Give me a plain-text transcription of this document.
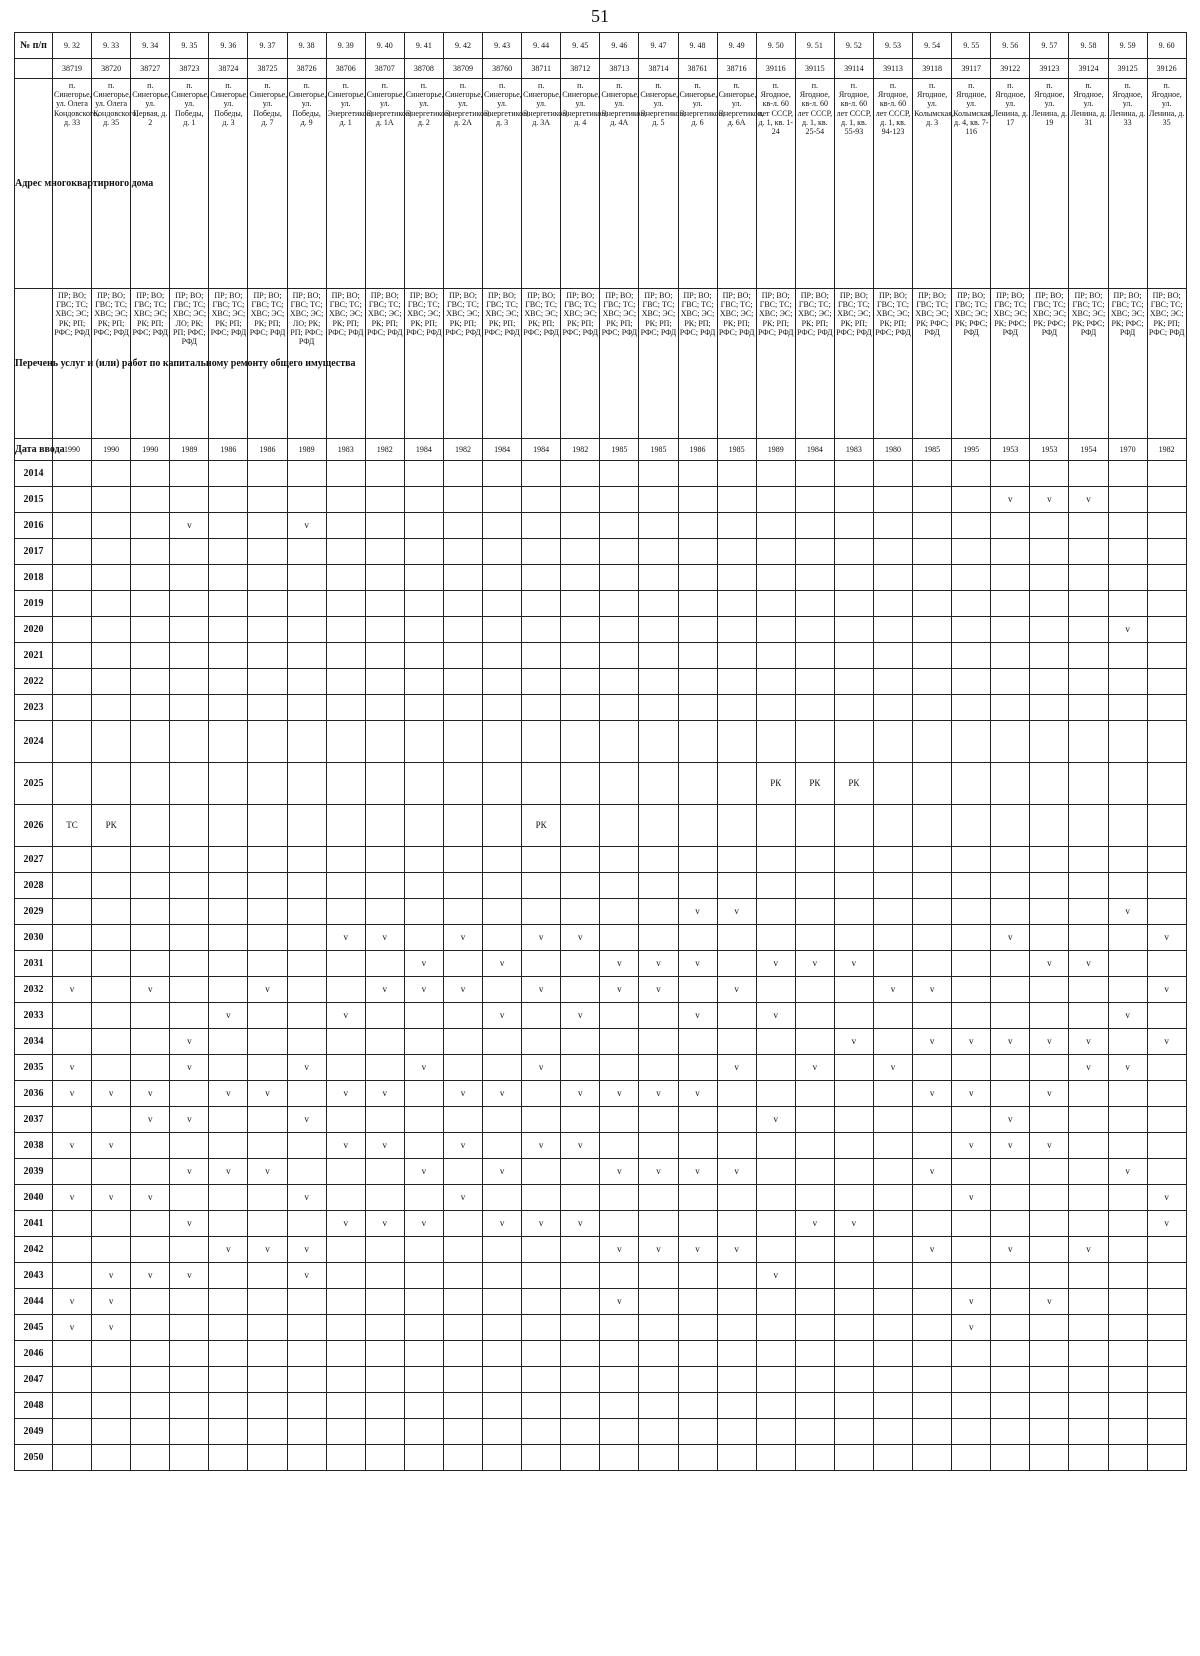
51
№ п/п	9. 32	9. 33	9. 34	9. 35	9. 36	9. 37	9. 38	9. 39	9. 40	9. 41	9. 42	9. 43	9. 44	9. 45	9. 46	9. 47	9. 48	9. 49	9. 50	9. 51	9. 52	9. 53	9. 54	9. 55	9. 56	9. 57	9. 58	9. 59	9. 60
	38719	38720	38727	38723	38724	38725	38726	38706	38707	38708	38709	38760	38711	38712	38713	38714	38761	38716	39116	39115	39114	39113	39118	39117	39122	39123	39124	39125	39126
Адрес многоквартирного дома	п. Синегорье, ул. Олега Кондовского, д. 33	п. Синегорье, ул. Олега Кондовского, д. 35	п. Синегорье, ул. Первая, д. 2	п. Синегорье, ул. Победы, д. 1	п. Синегорье, ул. Победы, д. 3	п. Синегорье, ул. Победы, д. 7	п. Синегорье, ул. Победы, д. 9	п. Синегорье, ул. Энергетиков, д. 1	п. Синегорье, ул. Энергетиков, д. 1А	п. Синегорье, ул. Энергетиков, д. 2	п. Синегорье, ул. Энергетиков, д. 2А	п. Синегорье, ул. Энергетиков, д. 3	п. Синегорье, ул. Энергетиков, д. 3А	п. Синегорье, ул. Энергетиков, д. 4	п. Синегорье, ул. Энергетиков, д. 4А	п. Синегорье, ул. Энергетиков, д. 5	п. Синегорье, ул. Энергетиков, д. 6	п. Синегорье, ул. Энергетиков, д. 6А	п. Ягодное, кв-л. 60 лет СССР, д. 1, кв. 1-24	п. Ягодное, кв-л. 60 лет СССР, д. 1, кв. 25-54	п. Ягодное, кв-л. 60 лет СССР, д. 1, кв. 55-93	п. Ягодное, кв-л. 60 лет СССР, д. 1, кв. 94-123	п. Ягодное, ул. Колымская, д. 3	п. Ягодное, ул. Колымская, д. 4, кв. 7-116	п. Ягодное, ул. Ленина, д. 17	п. Ягодное, ул. Ленина, д. 19	п. Ягодное, ул. Ленина, д. 31	п. Ягодное, ул. Ленина, д. 33	п. Ягодное, ул. Ленина, д. 35
Перечень услуг и (или) работ по капитальному ремонту общего имущества	ПР; ВО; ГВС; ТС; ХВС; ЭС; РК; РП; РФС; РФД	ПР; ВО; ГВС; ТС; ХВС; ЭС; РК; РП; РФС; РФД	ПР; ВО; ГВС; ТС; ХВС; ЭС; РК; РП; РФС; РФД	ПР; ВО; ГВС; ТС; ХВС; ЭС; ЛО; РК; РП; РФС; РФД	ПР; ВО; ГВС; ТС; ХВС; ЭС; РК; РП; РФС; РФД	ПР; ВО; ГВС; ТС; ХВС; ЭС; РК; РП; РФС; РФД	ПР; ВО; ГВС; ТС; ХВС; ЭС; ЛО; РК; РП; РФС; РФД	ПР; ВО; ГВС; ТС; ХВС; ЭС; РК; РП; РФС; РФД	ПР; ВО; ГВС; ТС; ХВС; ЭС; РК; РП; РФС; РФД	ПР; ВО; ГВС; ТС; ХВС; ЭС; РК; РП; РФС; РФД	ПР; ВО; ГВС; ТС; ХВС; ЭС; РК; РП; РФС; РФД	ПР; ВО; ГВС; ТС; ХВС; ЭС; РК; РП; РФС; РФД	ПР; ВО; ГВС; ТС; ХВС; ЭС; РК; РП; РФС; РФД	ПР; ВО; ГВС; ТС; ХВС; ЭС; РК; РП; РФС; РФД	ПР; ВО; ГВС; ТС; ХВС; ЭС; РК; РП; РФС; РФД	ПР; ВО; ГВС; ТС; ХВС; ЭС; РК; РП; РФС; РФД	ПР; ВО; ГВС; ТС; ХВС; ЭС; РК; РП; РФС; РФД	ПР; ВО; ГВС; ТС; ХВС; ЭС; РК; РП; РФС; РФД	ПР; ВО; ГВС; ТС; ХВС; ЭС; РК; РП; РФС; РФД	ПР; ВО; ГВС; ТС; ХВС; ЭС; РК; РП; РФС; РФД	ПР; ВО; ГВС; ТС; ХВС; ЭС; РК; РП; РФС; РФД	ПР; ВО; ГВС; ТС; ХВС; ЭС; РК; РП; РФС; РФД	ПР; ВО; ГВС; ТС; ХВС; ЭС; РК; РФС; РФД	ПР; ВО; ГВС; ТС; ХВС; ЭС; РК; РФС; РФД	ПР; ВО; ГВС; ТС; ХВС; ЭС; РК; РФС; РФД	ПР; ВО; ГВС; ТС; ХВС; ЭС; РК; РФС; РФД	ПР; ВО; ГВС; ТС; ХВС; ЭС; РК; РФС; РФД	ПР; ВО; ГВС; ТС; ХВС; ЭС; РК; РФС; РФД	ПР; ВО; ГВС; ТС; ХВС; ЭС; РК; РП; РФС; РФД
Дата ввода	1990	1990	1990	1989	1986	1986	1989	1983	1982	1984	1982	1984	1984	1982	1985	1985	1986	1985	1989	1984	1983	1980	1985	1995	1953	1953	1954	1970	1982
2014																													
2015																									v	v	v		
2016				v			v																						
2017																													
2018																													
2019																													
2020																												v	
2021																													
2022																													
2023																													
2024																													
2025																			РК	РК	РК								
2026	ТС	РК											РК																
2027																													
2028																													
2029																	v	v										v	
2030								v	v		v		v	v											v				v
2031										v		v			v	v	v		v	v	v					v	v		
2032	v		v			v			v	v	v		v		v	v		v				v	v						v
2033					v			v				v		v			v		v									v	
2034				v																	v		v	v	v	v	v		v
2035	v			v			v			v			v					v		v		v					v	v	
2036	v	v	v		v	v		v	v		v	v		v	v	v	v						v	v		v			
2037			v	v			v												v						v				
2038	v	v						v	v		v		v	v										v	v	v			
2039				v	v	v				v		v			v	v	v	v					v					v	
2040	v	v	v				v				v													v					v
2041				v				v	v	v		v	v	v						v	v								v
2042					v	v	v								v	v	v	v					v		v		v		
2043		v	v	v			v												v										
2044	v	v													v									v		v			
2045	v	v																						v					
2046																													
2047																													
2048																													
2049																													
2050																													
